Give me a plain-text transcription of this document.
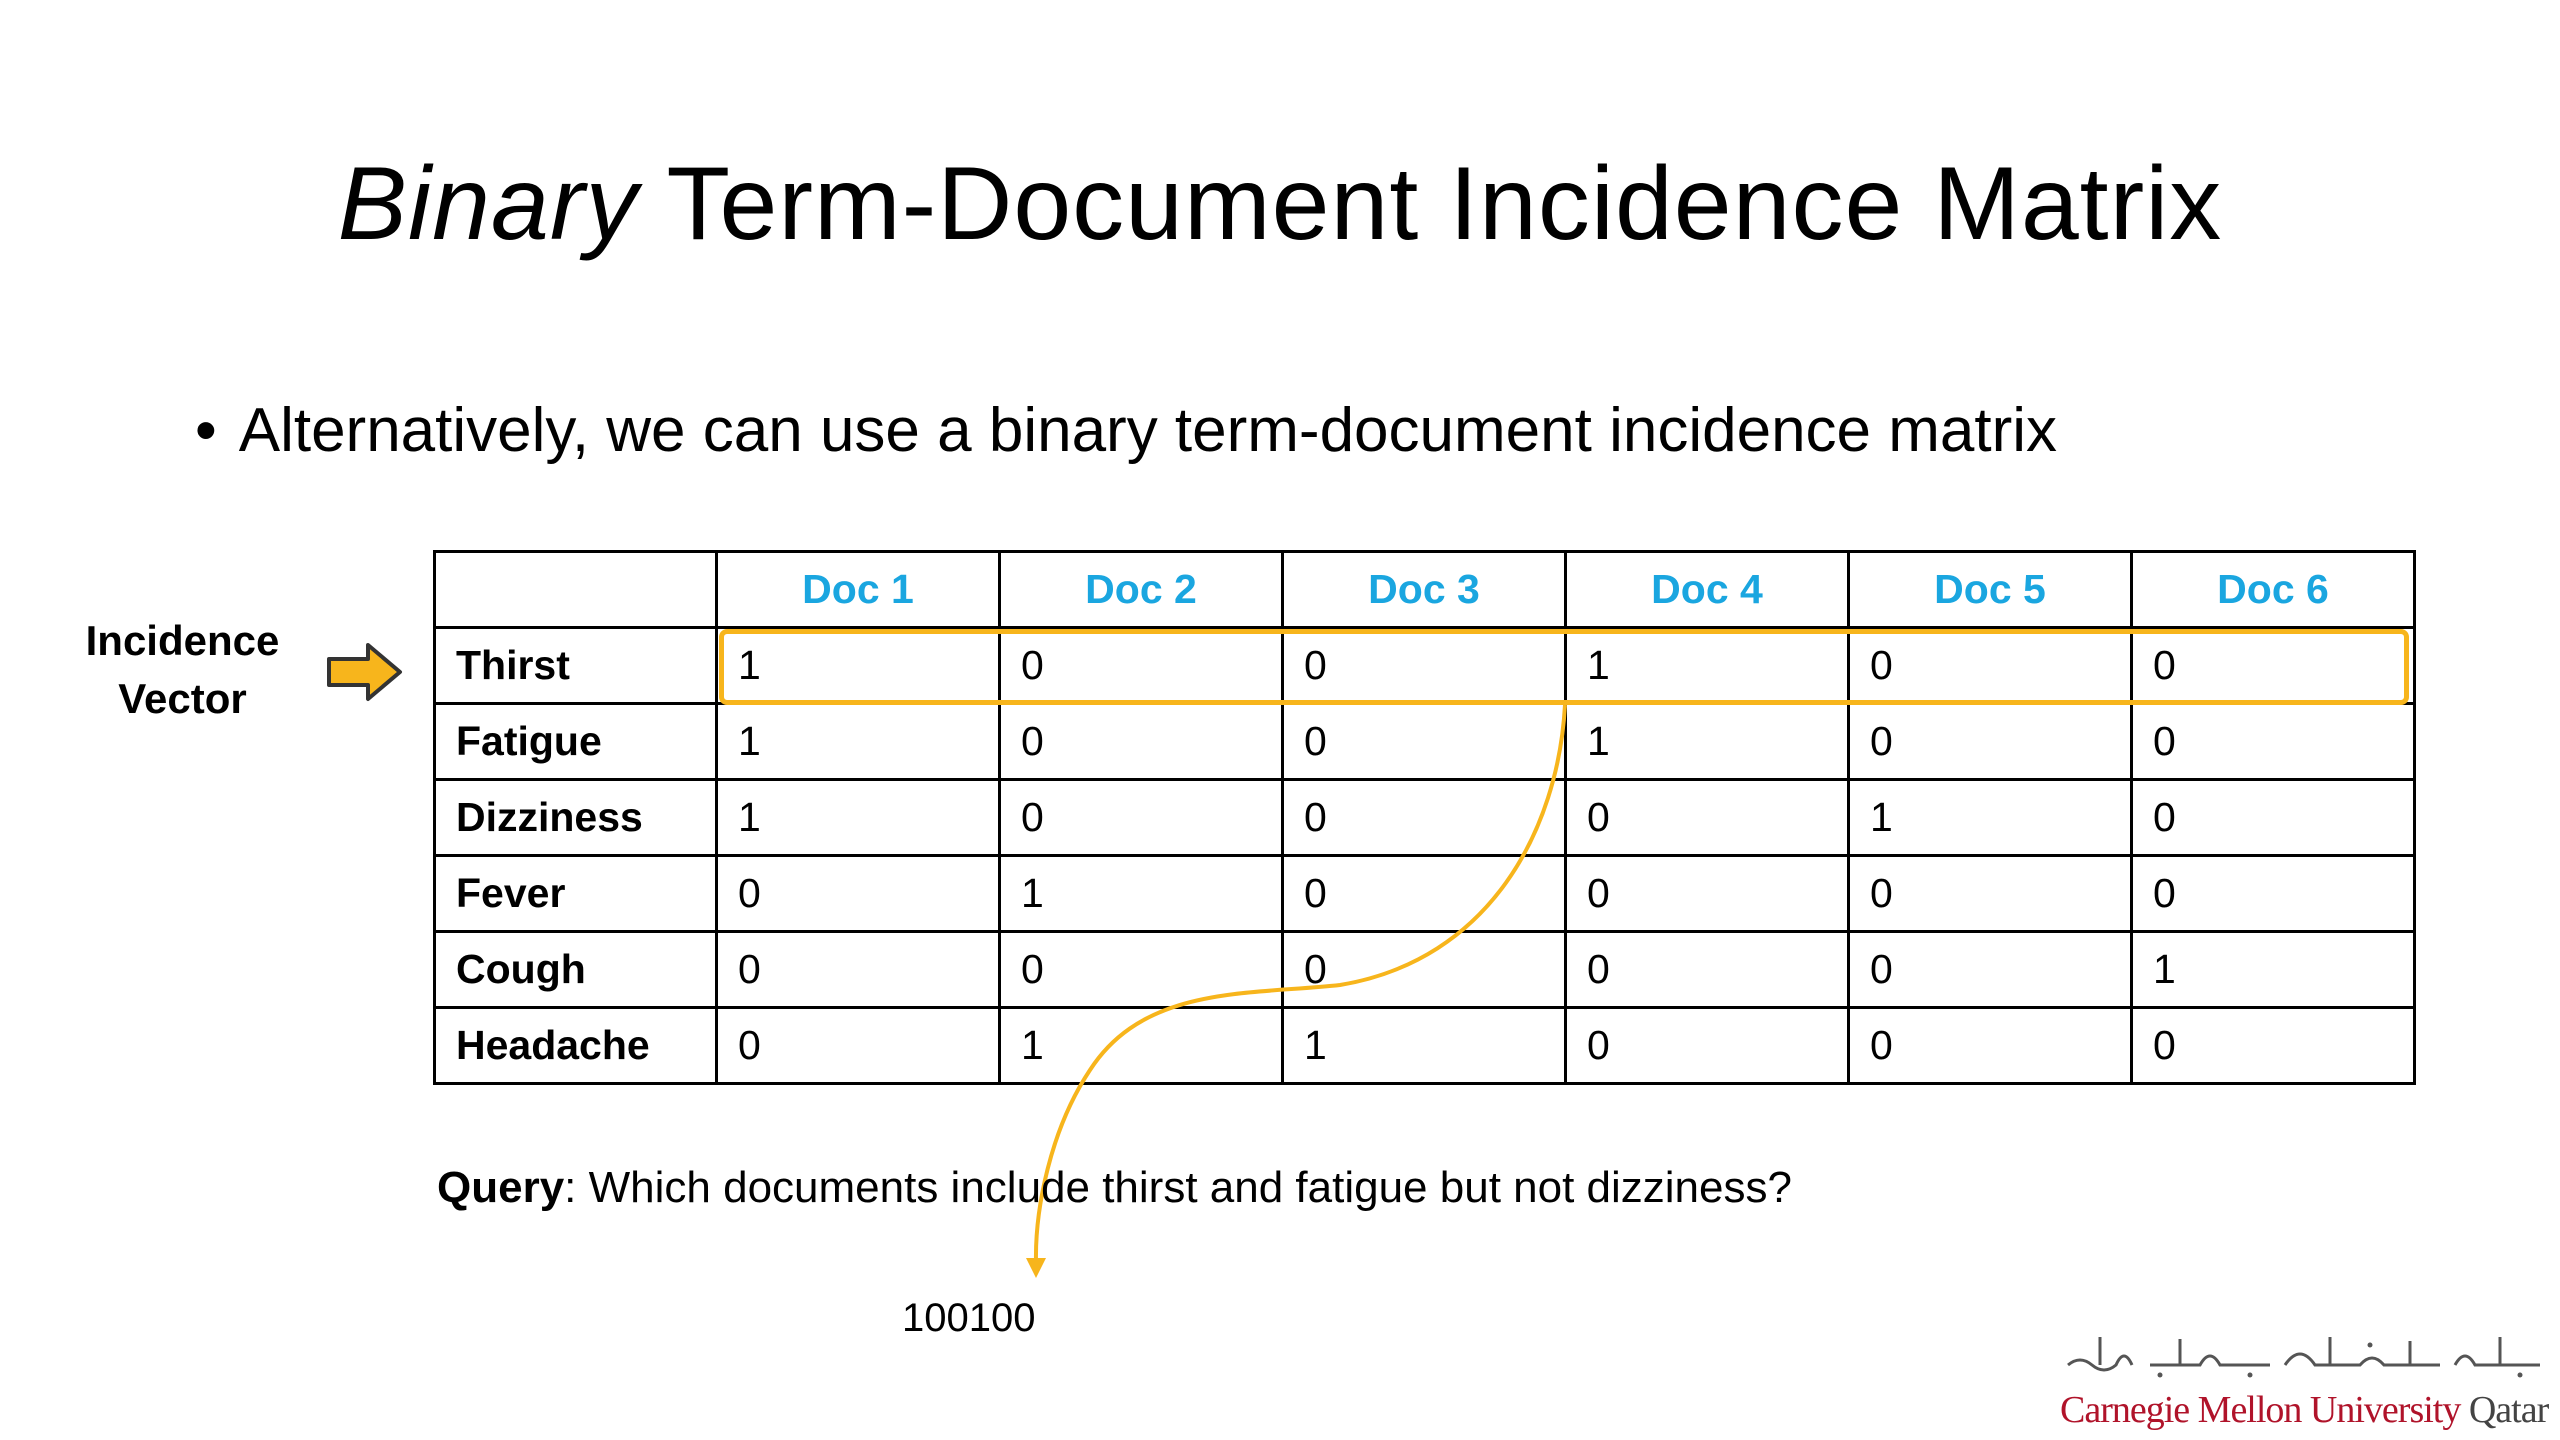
Binary Term-Document Incidence Matrix
• Alternatively, we can use a binary term-document incidence matrix
Incidence
Vector
	Doc 1	Doc 2	Doc 3	Doc 4	Doc 5	Doc 6
Thirst	1	0	0	1	0	0
Fatigue	1	0	0	1	0	0
Dizziness	1	0	0	0	1	0
Fever	0	1	0	0	0	0
Cough	0	0	0	0	0	1
Headache	0	1	1	0	0	0
Query: Which documents include thirst and fatigue but not dizziness?
100100
Carnegie Mellon University Qatar
